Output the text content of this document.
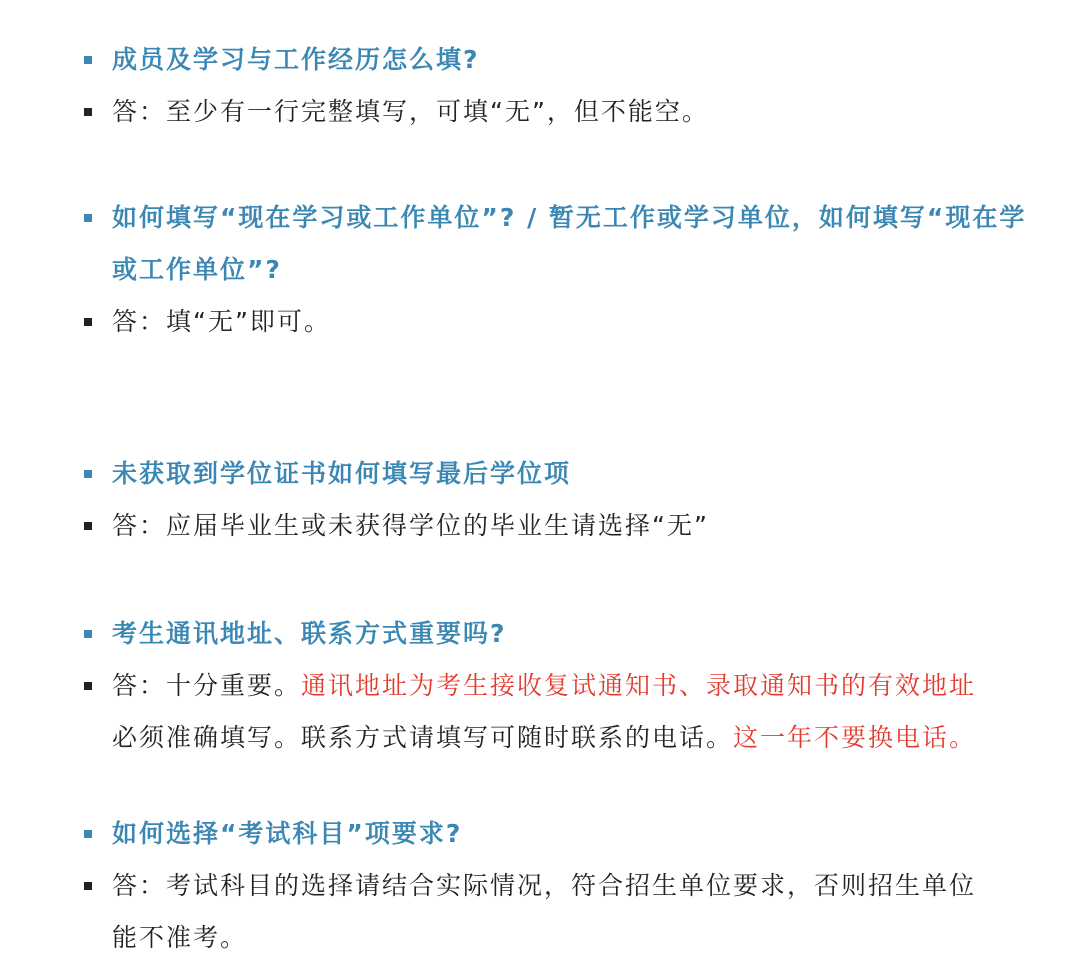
成员及学习与工作经历怎么填?
答：至少有一行完整填写，可填“无”，但不能空。
如何填写“现在学习或工作单位”? / 暂无工作或学习单位，如何填写“现在学
或工作单位”?
答：填“无”即可。
未获取到学位证书如何填写最后学位项
答：应届毕业生或未获得学位的毕业生请选择“无”
考生通讯地址、联系方式重要吗?
答：十分重要。通讯地址为考生接收复试通知书、录取通知书的有效地址
必须准确填写。联系方式请填写可随时联系的电话。这一年不要换电话。
如何选择“考试科目”项要求?
答：考试科目的选择请结合实际情况，符合招生单位要求，否则招生单位
能不准考。
